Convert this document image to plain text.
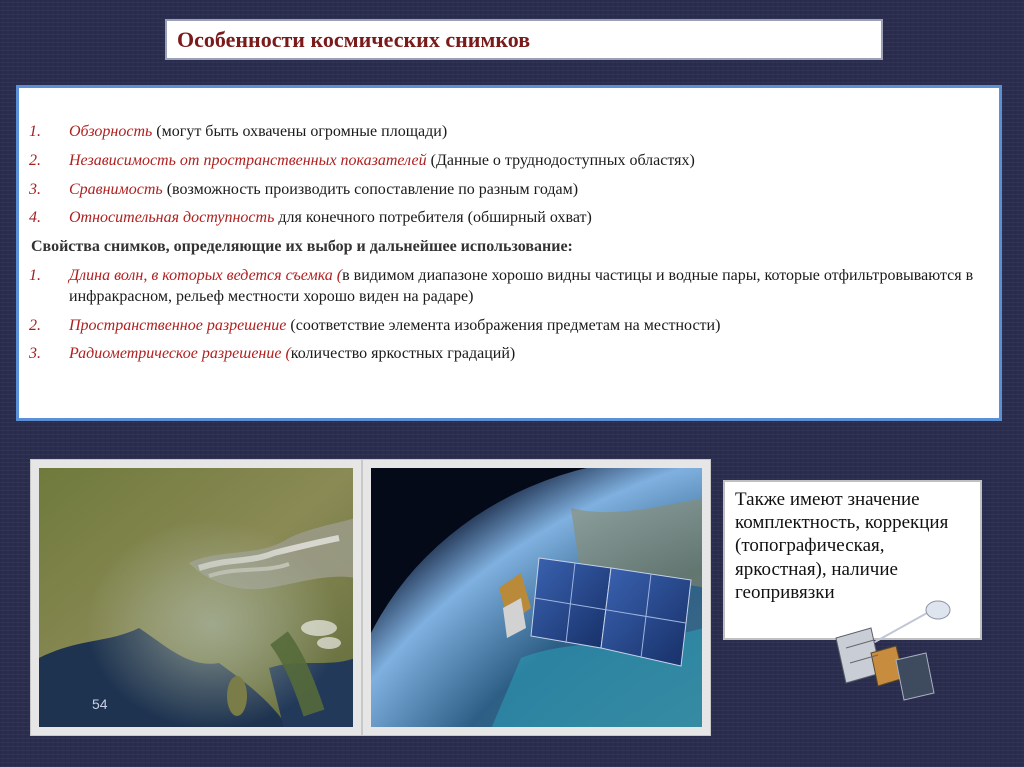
Особенности космических снимков
1.	Обзорность (могут быть охвачены огромные площади)
2.	Независимость от пространственных показателей (Данные о труднодоступных областях)
3.	Сравнимость (возможность производить сопоставление по разным годам)
4.	Относительная доступность для конечного потребителя (обширный охват)
Свойства снимков, определяющие их выбор и дальнейшее использование:
1.	Длина волн, в которых ведется съемка (в видимом диапазоне хорошо видны частицы и водные пары, которые отфильтровываются в инфракрасном, рельеф местности хорошо виден на радаре)
2.	Пространственное разрешение (соответствие элемента изображения предметам на местности)
3.	Радиометрическое разрешение (количество яркостных градаций)
54

Также имеют значение комплектность, коррекция (топографическая, яркостная), наличие геопривязки
